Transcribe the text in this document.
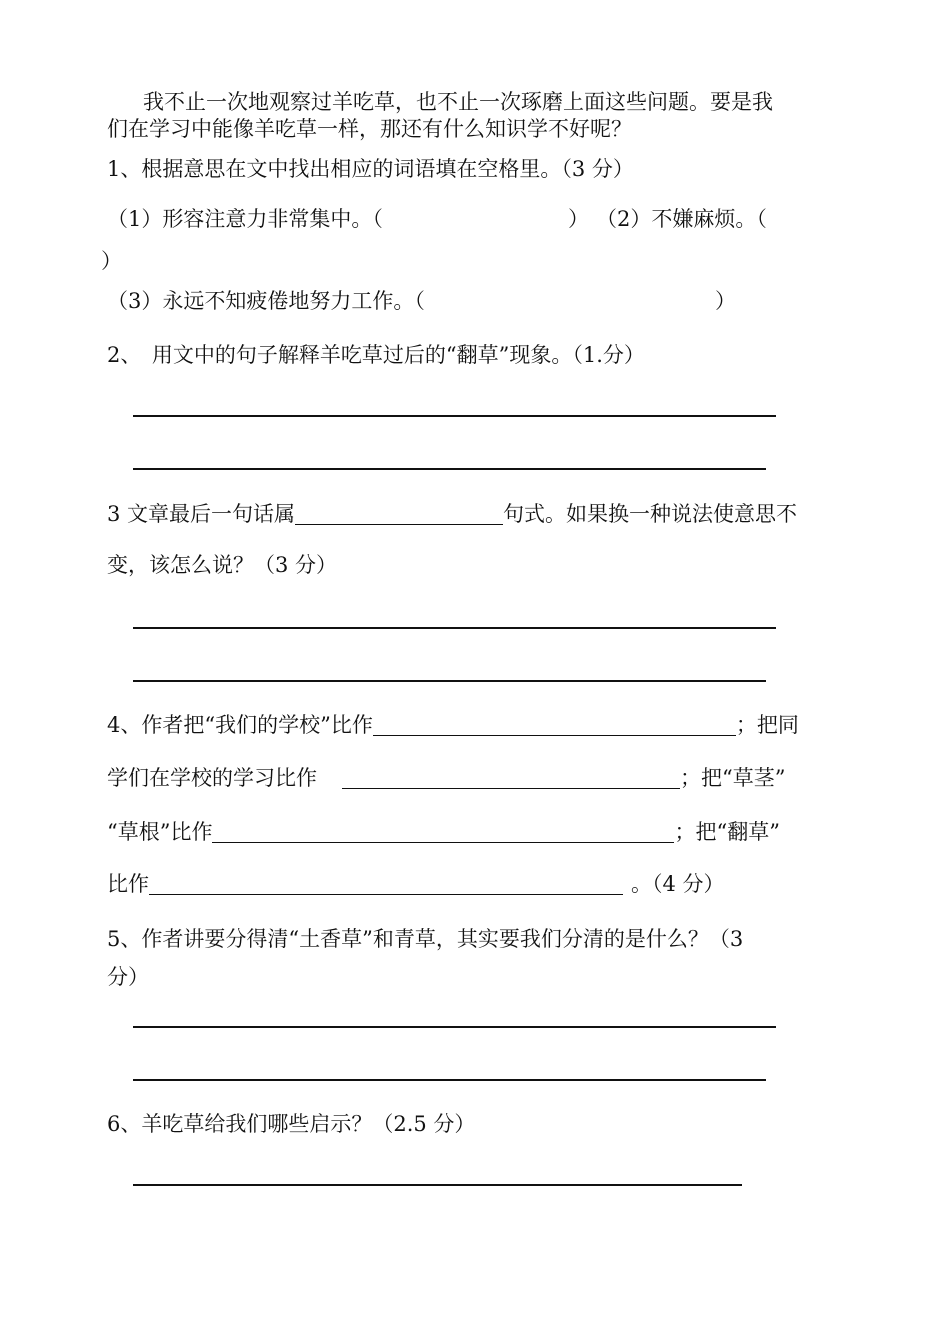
我不止一次地观察过羊吃草，也不止一次琢磨上面这些问题。要是我
们在学习中能像羊吃草一样，那还有什么知识学不好呢？
1、根据意思在文中找出相应的词语填在空格里。（3 分）
（1）形容注意力非常集中。（	） （2）不嫌麻烦。（
）
（3）永远不知疲倦地努力工作。（	）
2、　用文中的句子解释羊吃草过后的“翻草”现象。（1.分）
3 文章最后一句话属	句式。如果换一种说法使意思不
变，该怎么说？（3 分）
4、作者把“我们的学校”比作	；把同
学们在学校的学习比作	；把“草茎”
“草根”比作	；把“翻草”
比作	。（4 分）
5、作者讲要分得清“土香草”和青草，其实要我们分清的是什么？（3
分）
6、羊吃草给我们哪些启示？（2.5 分）
